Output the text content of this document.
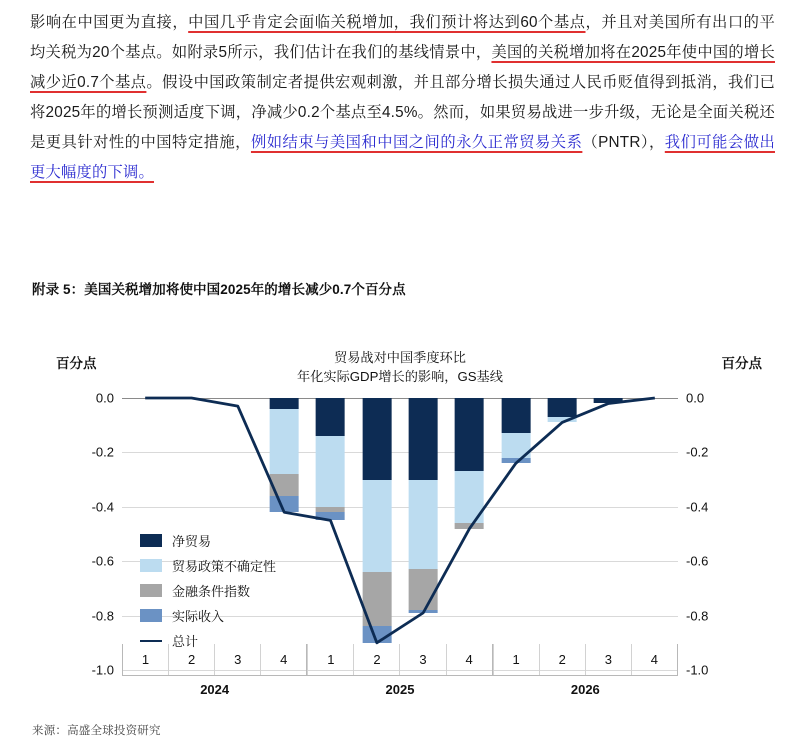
影响在中国更为直接，中国几乎肯定会面临关税增加，我们预计将达到60个基点，并且对美国所有出口的平均关税为20个基点。如附录5所示，我们估计在我们的基线情景中，美国的关税增加将在2025年使中国的增长减少近0.7个基点。假设中国政策制定者提供宏观刺激，并且部分增长损失通过人民币贬值得到抵消，我们已将2025年的增长预测适度下调，净减少0.2个基点至4.5%。然而，如果贸易战进一步升级，无论是全面关税还是更具针对性的中国特定措施，例如结束与美国和中国之间的永久正常贸易关系（PNTR），我们可能会做出更大幅度的下调。
附录 5：美国关税增加将使中国2025年的增长减少0.7个百分点
百分点	百分点
贸易战对中国季度环比
年化实际GDP增长的影响，GS基线
0.0
-0.2
-0.4
-0.6
-0.8
-1.0
0.0
-0.2
-0.4
-0.6
-0.8
-1.0
净贸易
贸易政策不确定性
金融条件指数
实际收入
总计
1	2	3	4	1	2	3	4	1	2	3	4
2024	2025	2026
来源：高盛全球投资研究
